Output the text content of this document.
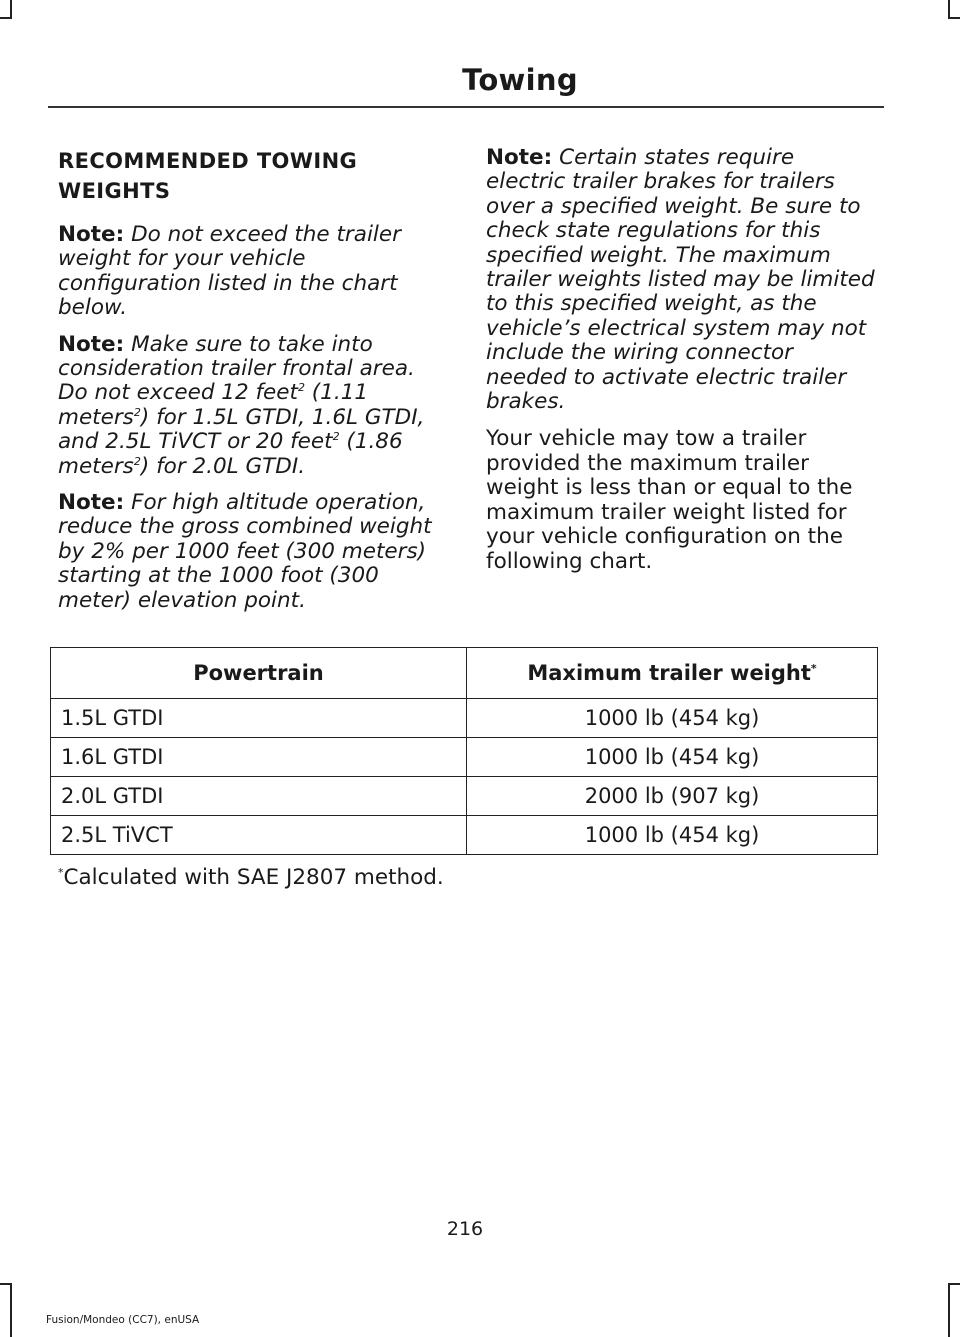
Towing
RECOMMENDED TOWING WEIGHTS

Note: Do not exceed the trailer weight for your vehicle configuration listed in the chart below.

Note: Make sure to take into consideration trailer frontal area. Do not exceed 12 feet$^2$ (1.11 meters$^2$) for 1.5L GTDI, 1.6L GTDI, and 2.5L TiVCT or 20 feet$^2$ (1.86 meters$^2$) for 2.0L GTDI.

Note: For high altitude operation, reduce the gross combined weight by 2% per 1000 feet (300 meters) starting at the 1000 foot (300 meter) elevation point.

Note: Certain states require electric trailer brakes for trailers over a specified weight. Be sure to check state regulations for this specified weight. The maximum trailer weights listed may be limited to this specified weight, as the vehicle’s electrical system may not include the wiring connector needed to activate electric trailer brakes.

Your vehicle may tow a trailer provided the maximum trailer weight is less than or equal to the maximum trailer weight listed for your vehicle configuration on the following chart.

Powertrain	Maximum trailer weight*
1.5L GTDI	1000 lb (454 kg)
1.6L GTDI	1000 lb (454 kg)
2.0L GTDI	2000 lb (907 kg)
2.5L TiVCT	1000 lb (454 kg)
*Calculated with SAE J2807 method.
216
Fusion/Mondeo (CC7), enUSA
